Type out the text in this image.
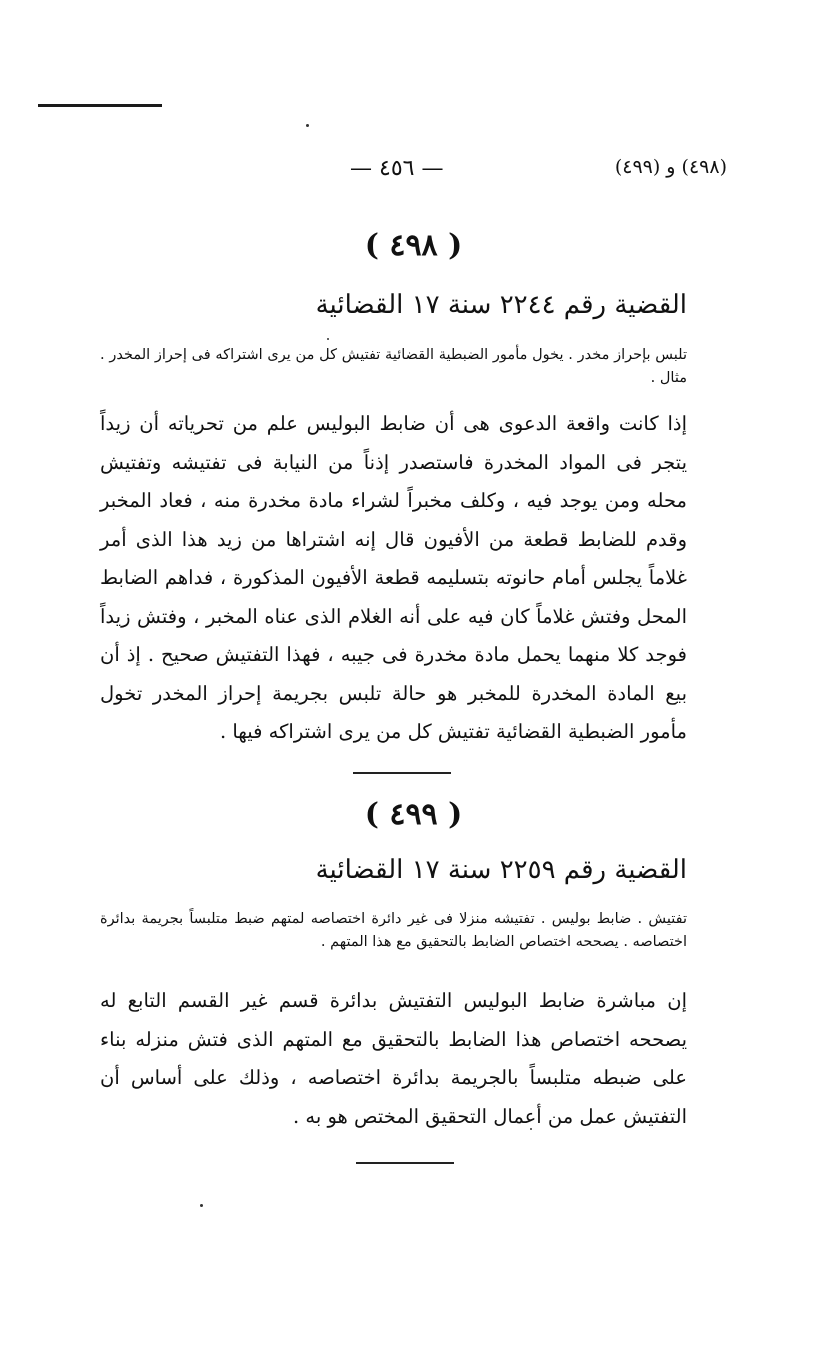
— ٤٥٦ —	(٤٩٨) و (٤٩٩)
( ٤٩٨ )
القضية رقم ٢٢٤٤ سنة ١٧ القضائية

تلبس بإحراز مخدر . يخول مأمور الضبطية القضائية تفتيش كل من يرى اشتراكه فى إحراز المخدر . مثال .

إذا كانت واقعة الدعوى هى أن ضابط البوليس علم من تحرياته أن زيداً يتجر فى المواد المخدرة فاستصدر إذناً من النيابة فى تفتيشه وتفتيش محله ومن يوجد فيه ، وكلف مخبراً لشراء مادة مخدرة منه ، فعاد المخبر وقدم للضابط قطعة من الأفيون قال إنه اشتراها من زيد هذا الذى أمر غلاماً يجلس أمام حانوته بتسليمه قطعة الأفيون المذكورة ، فداهم الضابط المحل وفتش غلاماً كان فيه على أنه الغلام الذى عناه المخبر ، وفتش زيداً فوجد كلا منهما يحمل مادة مخدرة فى جيبه ، فهذا التفتيش صحيح . إذ أن بيع المادة المخدرة للمخبر هو حالة تلبس بجريمة إحراز المخدر تخول مأمور الضبطية القضائية تفتيش كل من يرى اشتراكه فيها .

( ٤٩٩ )
القضية رقم ٢٢٥٩ سنة ١٧ القضائية

تفتيش . ضابط بوليس . تفتيشه منزلا فى غير دائرة اختصاصه لمتهم ضبط متلبساً بجريمة بدائرة اختصاصه . يصححه اختصاص الضابط بالتحقيق مع هذا المتهم .

إن مباشرة ضابط البوليس التفتيش بدائرة قسم غير القسم التابع له يصححه اختصاص هذا الضابط بالتحقيق مع المتهم الذى فتش منزله بناء على ضبطه متلبساً بالجريمة بدائرة اختصاصه ، وذلك على أساس أن التفتيش عمل من أعمال التحقيق المختص هو به .
